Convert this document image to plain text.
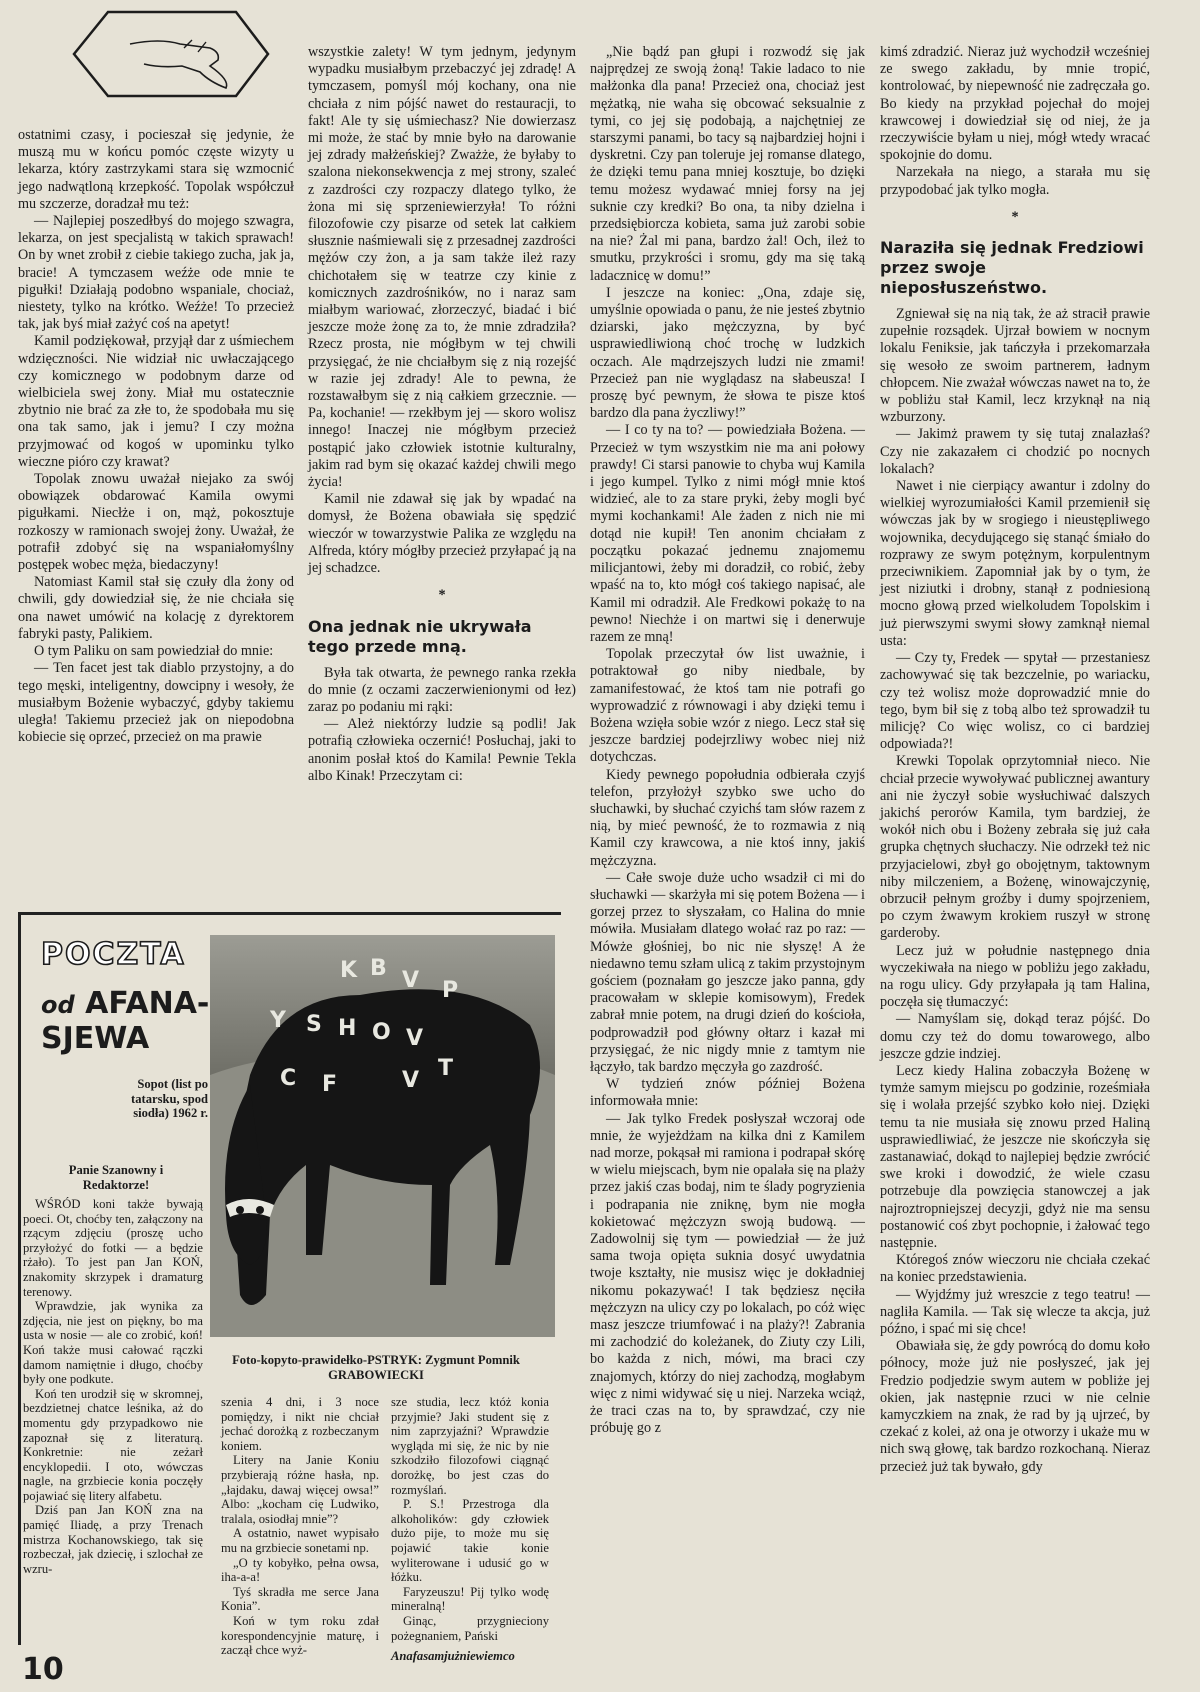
ostatnimi czasy, i pocieszał się jedynie, że muszą mu w końcu pomóc częste wizyty u lekarza, który zastrzykami stara się wzmocnić jego nadwątloną krzepkość. Topolak współczuł mu szczerze, doradzał mu też:

— Najlepiej poszedłbyś do mojego szwagra, lekarza, on jest specjalistą w takich sprawach! On by wnet zrobił z ciebie takiego zucha, jak ja, bracie! A tymczasem weźże ode mnie te pigułki! Działają podobno wspaniale, chociaż, niestety, tylko na krótko. Weźże! To przecież tak, jak byś miał zażyć coś na apetyt!

Kamil podziękował, przyjął dar z uśmiechem wdzięczności. Nie widział nic uwłaczającego czy komicznego w podobnym darze od wielbiciela swej żony. Miał mu ostatecznie zbytnio nie brać za złe to, że spodobała mu się ona tak samo, jak i jemu? I czy można przyjmować od kogoś w upominku tylko wieczne pióro czy krawat?

Topolak znowu uważał niejako za swój obowiązek obdarować Kamila owymi pigułkami. Niecłże i on, mąż, pokosztuje rozkoszy w ramionach swojej żony. Uważał, że potrafił zdobyć się na wspaniałomyślny postępek wobec męża, biedaczyny!

Natomiast Kamil stał się czuły dla żony od chwili, gdy dowiedział się, że nie chciała się ona nawet umówić na kolację z dyrektorem fabryki pasty, Palikiem.

O tym Paliku on sam powiedział do mnie:

— Ten facet jest tak diablo przystojny, a do tego męski, inteligentny, dowcipny i wesoły, że musiałbym Bożenie wybaczyć, gdyby takiemu uległa! Takiemu przecież jak on niepodobna kobiecie się oprzeć, przecież on ma prawie

wszystkie zalety! W tym jednym, jedynym wypadku musiałbym przebaczyć jej zdradę! A tymczasem, pomyśl mój kochany, ona nie chciała z nim pójść nawet do restauracji, to fakt! Ale ty się uśmiechasz? Nie dowierzasz mi może, że stać by mnie było na darowanie jej zdrady małżeńskiej? Zważże, że byłaby to szalona niekonsekwencja z mej strony, szaleć z zazdrości czy rozpaczy dlatego tylko, że żona mi się sprzeniewierzyła! To różni filozofowie czy pisarze od setek lat całkiem słusznie naśmiewali się z przesadnej zazdrości mężów czy żon, a ja sam także ileż razy chichotałem się w teatrze czy kinie z komicznych zazdrośników, no i naraz sam miałbym wariować, złorzeczyć, biadać i bić jeszcze może żonę za to, że mnie zdradziła? Rzecz prosta, nie mógłbym w tej chwili przysięgać, że nie chciałbym się z nią rozejść w razie jej zdrady! Ale to pewna, że rozstawałbym się z nią całkiem grzecznie. — Pa, kochanie! — rzekłbym jej — skoro wolisz innego! Inaczej nie mógłbym przecież postąpić jako człowiek istotnie kulturalny, jakim rad bym się okazać każdej chwili mego życia!

Kamil nie zdawał się jak by wpadać na domysł, że Bożena obawiała się spędzić wieczór w towarzystwie Palika ze względu na Alfreda, który mógłby przecież przyłapać ją na jej schadzce.

*
Ona jednak nie ukrywała tego przede mną.

Była tak otwarta, że pewnego ranka rzekła do mnie (z oczami zaczerwienionymi od łez) zaraz po podaniu mi rąki:

— Ależ niektórzy ludzie są podli! Jak potrafią człowieka oczernić! Posłuchaj, jaki to anonim posłał ktoś do Kamila! Pewnie Tekla albo Kinak! Przeczytam ci:

„Nie bądź pan głupi i rozwodź się jak najprędzej ze swoją żoną! Takie ladaco to nie małżonka dla pana! Przecież ona, chociaż jest mężatką, nie waha się obcować seksualnie z tymi, co jej się podobają, a najchętniej ze starszymi panami, bo tacy są najbardziej hojni i dyskretni. Czy pan toleruje jej romanse dlatego, że dzięki temu pana mniej kosztuje, bo dzięki temu możesz wydawać mniej forsy na jej suknie czy kredki? Bo ona, ta niby dzielna i przedsiębiorcza kobieta, sama już zarobi sobie na nie? Żal mi pana, bardzo żal! Och, ileż to smutku, przykrości i sromu, gdy ma się taką ladacznicę w domu!”

I jeszcze na koniec: „Ona, zdaje się, umyślnie opowiada o panu, że nie jesteś zbytnio dziarski, jako mężczyzna, by być usprawiedliwioną choć trochę w ludzkich oczach. Ale mądrzejszych ludzi nie zmami! Przecież pan nie wyglądasz na słabeusza! I proszę być pewnym, że słowa te pisze ktoś bardzo dla pana życzliwy!”

— I co ty na to? — powiedziała Bożena. — Przecież w tym wszystkim nie ma ani połowy prawdy! Ci starsi panowie to chyba wuj Kamila i jego kumpel. Tylko z nimi mógł mnie ktoś widzieć, ale to za stare pryki, żeby mogli być mymi kochankami! Ale żaden z nich nie mi dotąd nie kupił! Ten anonim chciałam z początku pokazać jednemu znajomemu milicjantowi, żeby mi doradził, co robić, żeby wpaść na to, kto mógł coś takiego napisać, ale Kamil mi odradził. Ale Fredkowi pokażę to na pewno! Niechże i on martwi się i denerwuje razem ze mną!

Topolak przeczytał ów list uważnie, i potraktował go niby niedbale, by zamanifestować, że ktoś tam nie potrafi go wyprowadzić z równowagi i aby dzięki temu i Bożena wzięła sobie wzór z niego. Lecz stał się jeszcze bardziej podejrzliwy wobec niej niż dotychczas.

Kiedy pewnego popołudnia odbierała czyjś telefon, przyłożył szybko swe ucho do słuchawki, by słuchać czyichś tam słów razem z nią, by mieć pewność, że to rozmawia z nią Kamil czy krawcowa, a nie ktoś inny, jakiś mężczyzna.

— Całe swoje duże ucho wsadził ci mi do słuchawki — skarżyła mi się potem Bożena — i gorzej przez to słyszałam, co Halina do mnie mówiła. Musiałam dlatego wołać raz po raz: — Mówże głośniej, bo nic nie słyszę! A że niedawno temu szłam ulicą z takim przystojnym gościem (poznałam go jeszcze jako panna, gdy pracowałam w sklepie komisowym), Fredek zabrał mnie potem, na drugi dzień do kościoła, podprowadził pod główny ołtarz i kazał mi przysięgać, że nic nigdy mnie z tamtym nie łączyło, tak bardzo męczyła go zazdrość.

W tydzień znów później Bożena informowała mnie:

— Jak tylko Fredek posłyszał wczoraj ode mnie, że wyjeżdżam na kilka dni z Kamilem nad morze, pokąsał mi ramiona i podrapał skórę w wielu miejscach, bym nie opalała się na plaży przez jakiś czas bodaj, nim te ślady pogryzienia i podrapania nie zniknę, bym nie mogła kokietować mężczyzn swoją budową. — Zadowolnij się tym — powiedział — że już sama twoja opięta suknia dosyć uwydatnia twoje kształty, nie musisz więc je dokładniej nikomu pokazywać! I tak będziesz nęciła mężczyzn na ulicy czy po lokalach, po cóż więc masz jeszcze triumfować i na plaży?! Zabrania mi zachodzić do koleżanek, do Ziuty czy Lili, bo każda z nich, mówi, ma braci czy znajomych, którzy do niej zachodzą, mogłabym więc z nimi widywać się u niej. Narzeka wciąż, że traci czas na to, by sprawdzać, czy nie próbuję go z

kimś zdradzić. Nieraz już wychodził wcześniej ze swego zakładu, by mnie tropić, kontrolować, by niepewność nie zadręczała go. Bo kiedy na przykład pojechał do mojej krawcowej i dowiedział się od niej, że ja rzeczywiście byłam u niej, mógł wtedy wracać spokojnie do domu.

Narzekała na niego, a starała mu się przypodobać jak tylko mogła.

*
Naraziła się jednak Fredziowi przez swoje nieposłuszeństwo.

Zgniewał się na nią tak, że aż stracił prawie zupełnie rozsądek. Ujrzał bowiem w nocnym lokalu Feniksie, jak tańczyła i przekomarzała się wesoło ze swoim partnerem, ładnym chłopcem. Nie zważał wówczas nawet na to, że w pobliżu stał Kamil, lecz krzyknął na nią wzburzony.

— Jakimż prawem ty się tutaj znalazłaś? Czy nie zakazałem ci chodzić po nocnych lokalach?

Nawet i nie cierpiący awantur i zdolny do wielkiej wyrozumiałości Kamil przemienił się wówczas jak by w srogiego i nieustępliwego wojownika, decydującego się stanąć śmiało do rozprawy ze swym potężnym, korpulentnym przeciwnikiem. Zapomniał jak by o tym, że jest niziutki i drobny, stanął z podniesioną mocno głową przed wielkoludem Topolskim i już pierwszymi swymi słowy zamknął niemal usta:

— Czy ty, Fredek — spytał — przestaniesz zachowywać się tak bezczelnie, po wariacku, czy też wolisz może doprowadzić mnie do tego, bym bił się z tobą albo też sprowadził tu milicję? Co więc wolisz, co ci bardziej odpowiada?!

Krewki Topolak oprzytomniał nieco. Nie chciał przecie wywoływać publicznej awantury ani nie życzył sobie wysłuchiwać dalszych jakichś perorów Kamila, tym bardziej, że wokół nich obu i Bożeny zebrała się już cała grupka chętnych słuchaczy. Nie odrzekł też nic przyjacielowi, zbył go obojętnym, taktownym niby milczeniem, a Bożenę, winowajczynię, obrzucił pełnym groźby i dumy spojrzeniem, po czym żwawym krokiem ruszył w stronę garderoby.

Lecz już w południe następnego dnia wyczekiwała na niego w pobliżu jego zakładu, na rogu ulicy. Gdy przyłapała ją tam Halina, poczęła się tłumaczyć:

— Namyślam się, dokąd teraz pójść. Do domu czy też do domu towarowego, albo jeszcze gdzie indziej.

Lecz kiedy Halina zobaczyła Bożenę w tymże samym miejscu po godzinie, roześmiała się i wolała przejść szybko koło niej. Dzięki temu ta nie musiała się znowu przed Haliną usprawiedliwiać, że jeszcze nie skończyła się zastanawiać, dokąd to najlepiej będzie zwrócić swe kroki i dowodzić, że wiele czasu potrzebuje dla powzięcia stanowczej a jak najroztropniejszej decyzji, gdyż nie ma sensu postanowić coś zbyt pochopnie, i żałować tego następnie.

Któregoś znów wieczoru nie chciała czekać na koniec przedstawienia.

— Wyjdźmy już wreszcie z tego teatru! — nagliła Kamila. — Tak się wlecze ta akcja, już późno, i spać mi się chce!

Obawiała się, że gdy powrócą do domu koło północy, może już nie posłyszeć, jak jej Fredzio podjedzie swym autem w pobliże jej okien, jak następnie rzuci w nie celnie kamyczkiem na znak, że rad by ją ujrzeć, by czekać z kolei, aż ona je otworzy i ukaże mu w nich swą głowę, tak bardzo rozkochaną. Nieraz przecież już tak bywało, gdy

POCZTA
od AFANA-
SJEWA
Sopot (list po tatarsku, spod siodła) 1962 r.
Panie Szanowny i Redaktorze!

WŚRÓD koni także bywają poeci. Ot, choćby ten, załączony na rzącym zdjęciu (proszę ucho przyłożyć do fotki — a będzie rżało). To jest pan Jan KOŃ, znakomity skrzypek i dramaturg terenowy.

Wprawdzie, jak wynika za zdjęcia, nie jest on piękny, bo ma usta w nosie — ale co zrobić, koń! Koń także musi całować rączki damom namiętnie i długo, choćby były one podkute.

Koń ten urodził się w skromnej, bezdzietnej chatce leśnika, aż do momentu gdy przypadkowo nie zapoznał się z literaturą. Konkretnie: nie zeżarł encyklopedii. I oto, wówczas nagle, na grzbiecie konia poczęły pojawiać się litery alfabetu.

Dziś pan Jan KOŃ zna na pamięć Iliadę, a przy Trenach mistrza Kochanowskiego, tak się rozbeczał, jak dziecię, i szlochał ze wzru-

Foto-kopyto-prawidełko-PSTRYK: Zygmunt Pomnik GRABOWIECKI

szenia 4 dni, i 3 noce pomiędzy, i nikt nie chciał jechać dorożką z rozbeczanym koniem.

Litery na Janie Koniu przybierają różne hasła, np. „łajdaku, dawaj więcej owsa!” Albo: „kocham cię Ludwiko, tralala, osiodłaj mnie”?

A ostatnio, nawet wypisało mu na grzbiecie sonetami np.

„O ty kobyłko, pełna owsa, iha-a-a!

Tyś skradła me serce Jana Konia”.

Koń w tym roku zdał korespondencyjnie maturę, i zaczął chce wyż-

sze studia, lecz któż konia przyjmie? Jaki student się z nim zaprzyjaźni? Wprawdzie wygląda mi się, że nic by nie szkodziło filozofowi ciągnąć dorożkę, bo jest czas do rozmyślań.

P. S.! Przestroga dla alkoholików: gdy człowiek dużo pije, to może mu się pojawić takie konie wyliterowane i udusić go w łóżku.

Faryzeuszu! Pij tylko wodę mineralną!

Ginąc, przygnieciony pożegnaniem, Pański

Anafasamjużniewiemco

K B V P
Y S H O V
C F	V T
10
